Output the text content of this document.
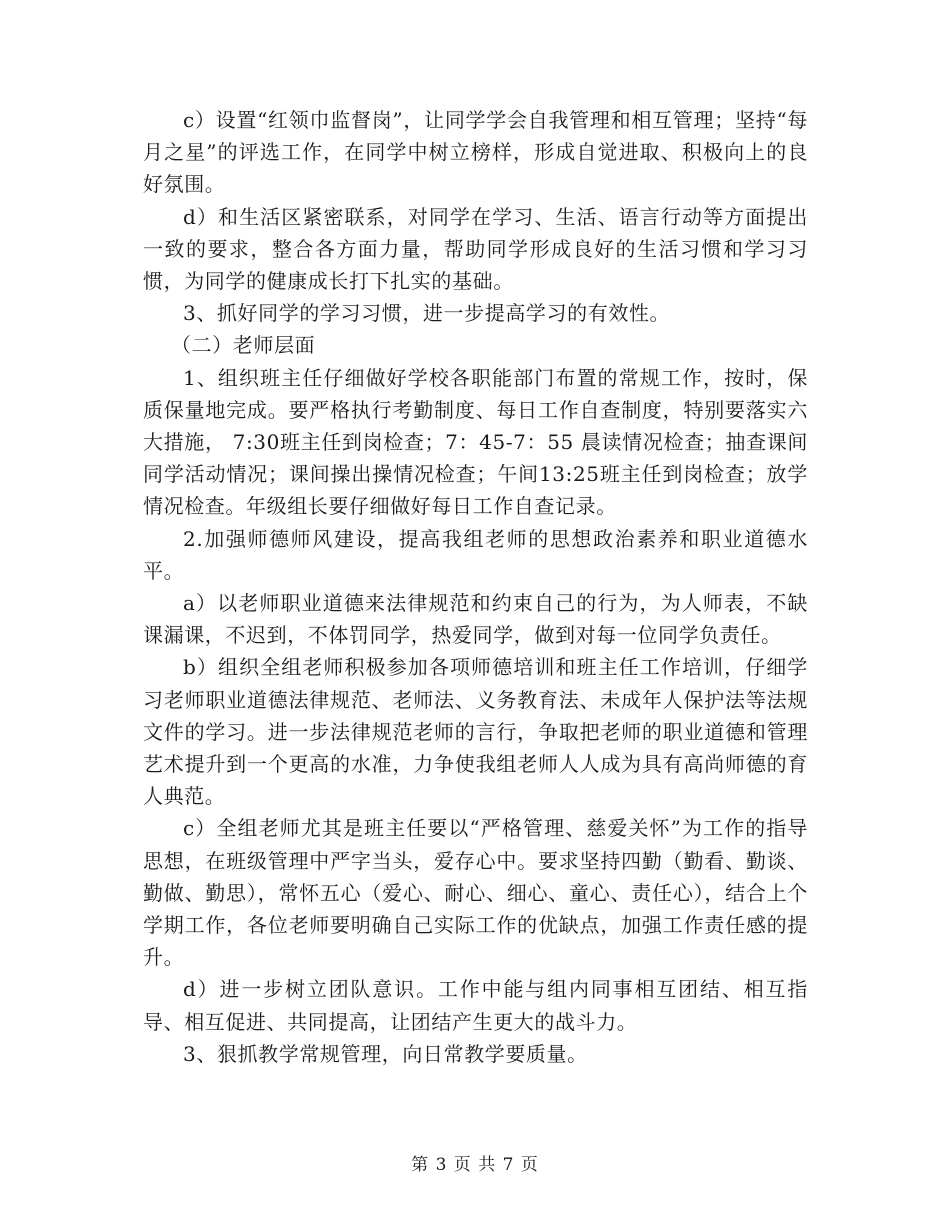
c）设置“红领巾监督岗”，让同学学会自我管理和相互管理；坚持“每月之星”的评选工作，在同学中树立榜样，形成自觉进取、积极向上的良好氛围。

d）和生活区紧密联系，对同学在学习、生活、语言行动等方面提出一致的要求，整合各方面力量，帮助同学形成良好的生活习惯和学习习惯，为同学的健康成长打下扎实的基础。

3、抓好同学的学习习惯，进一步提高学习的有效性。

（二）老师层面

1、组织班主任仔细做好学校各职能部门布置的常规工作，按时，保质保量地完成。要严格执行考勤制度、每日工作自查制度，特别要落实六大措施， 7:30班主任到岗检查；7：45-7：55 晨读情况检查；抽查课间同学活动情况；课间操出操情况检查；午间13:25班主任到岗检查；放学情况检查。年级组长要仔细做好每日工作自查记录。

2.加强师德师风建设，提高我组老师的思想政治素养和职业道德水平。

a）以老师职业道德来法律规范和约束自己的行为，为人师表，不缺课漏课，不迟到，不体罚同学，热爱同学，做到对每一位同学负责任。

b）组织全组老师积极参加各项师德培训和班主任工作培训，仔细学习老师职业道德法律规范、老师法、义务教育法、未成年人保护法等法规文件的学习。进一步法律规范老师的言行，争取把老师的职业道德和管理艺术提升到一个更高的水准，力争使我组老师人人成为具有高尚师德的育人典范。

c）全组老师尤其是班主任要以“严格管理、慈爱关怀”为工作的指导思想，在班级管理中严字当头，爱存心中。要求坚持四勤（勤看、勤谈、勤做、勤思），常怀五心（爱心、耐心、细心、童心、责任心），结合上个学期工作，各位老师要明确自己实际工作的优缺点，加强工作责任感的提升。

d）进一步树立团队意识。工作中能与组内同事相互团结、相互指导、相互促进、共同提高，让团结产生更大的战斗力。

3、狠抓教学常规管理，向日常教学要质量。

第 3 页 共 7 页
